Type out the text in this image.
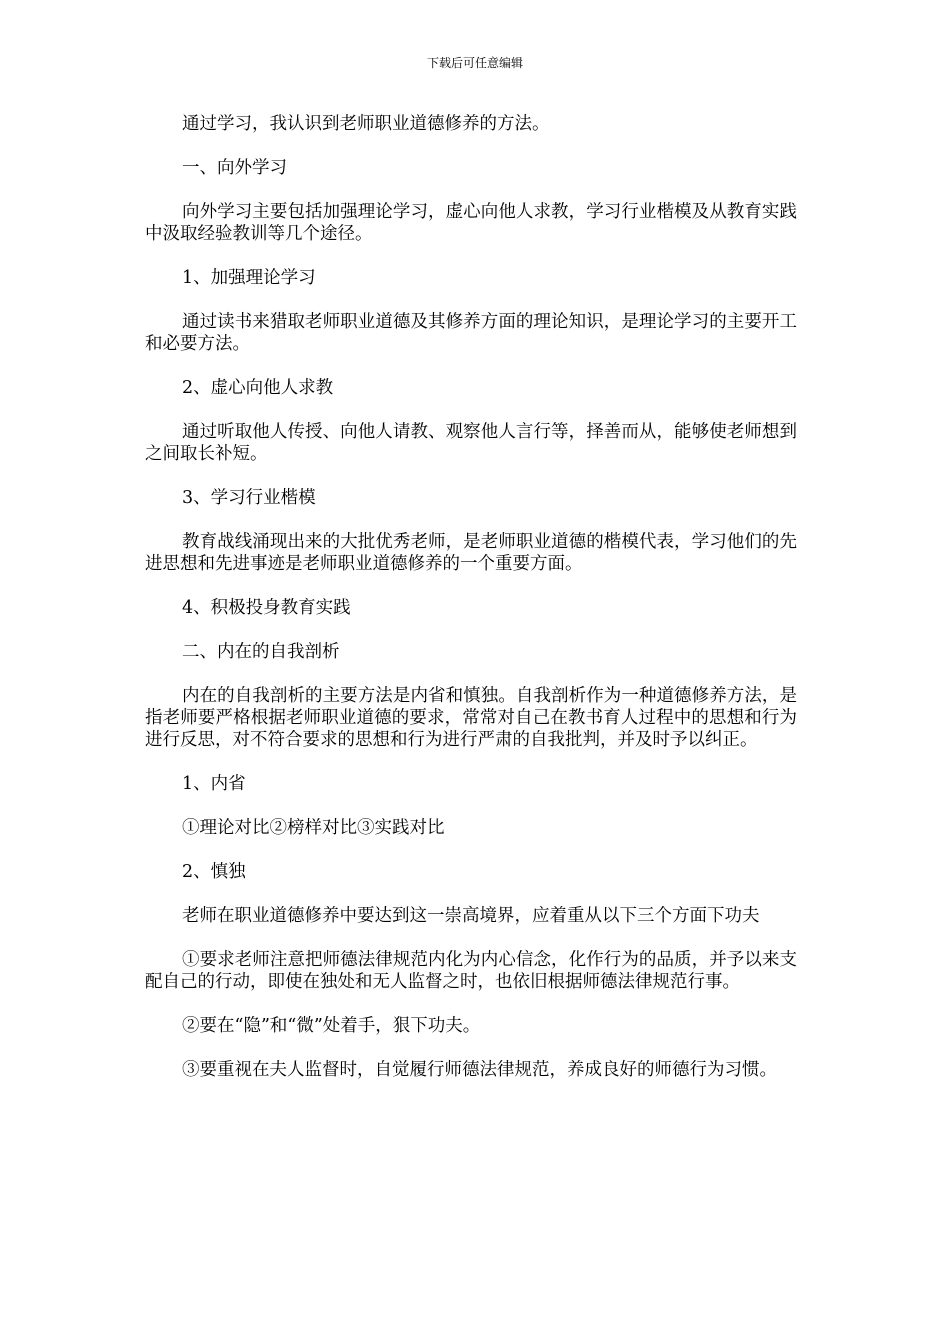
下载后可任意编辑

通过学习，我认识到老师职业道德修养的方法。

一、向外学习

向外学习主要包括加强理论学习，虚心向他人求教，学习行业楷模及从教育实践中汲取经验教训等几个途径。

1、加强理论学习

通过读书来猎取老师职业道德及其修养方面的理论知识，是理论学习的主要开工和必要方法。

2、虚心向他人求教

通过听取他人传授、向他人请教、观察他人言行等，择善而从，能够使老师想到之间取长补短。

3、学习行业楷模

教育战线涌现出来的大批优秀老师，是老师职业道德的楷模代表，学习他们的先进思想和先进事迹是老师职业道德修养的一个重要方面。

4、积极投身教育实践

二、内在的自我剖析

内在的自我剖析的主要方法是内省和慎独。自我剖析作为一种道德修养方法，是指老师要严格根据老师职业道德的要求，常常对自己在教书育人过程中的思想和行为进行反思，对不符合要求的思想和行为进行严肃的自我批判，并及时予以纠正。

1、内省

①理论对比②榜样对比③实践对比

2、慎独

老师在职业道德修养中要达到这一崇高境界，应着重从以下三个方面下功夫

①要求老师注意把师德法律规范内化为内心信念，化作行为的品质，并予以来支配自己的行动，即使在独处和无人监督之时，也依旧根据师德法律规范行事。

②要在“隐”和“微”处着手，狠下功夫。

③要重视在夫人监督时，自觉履行师德法律规范，养成良好的师德行为习惯。
